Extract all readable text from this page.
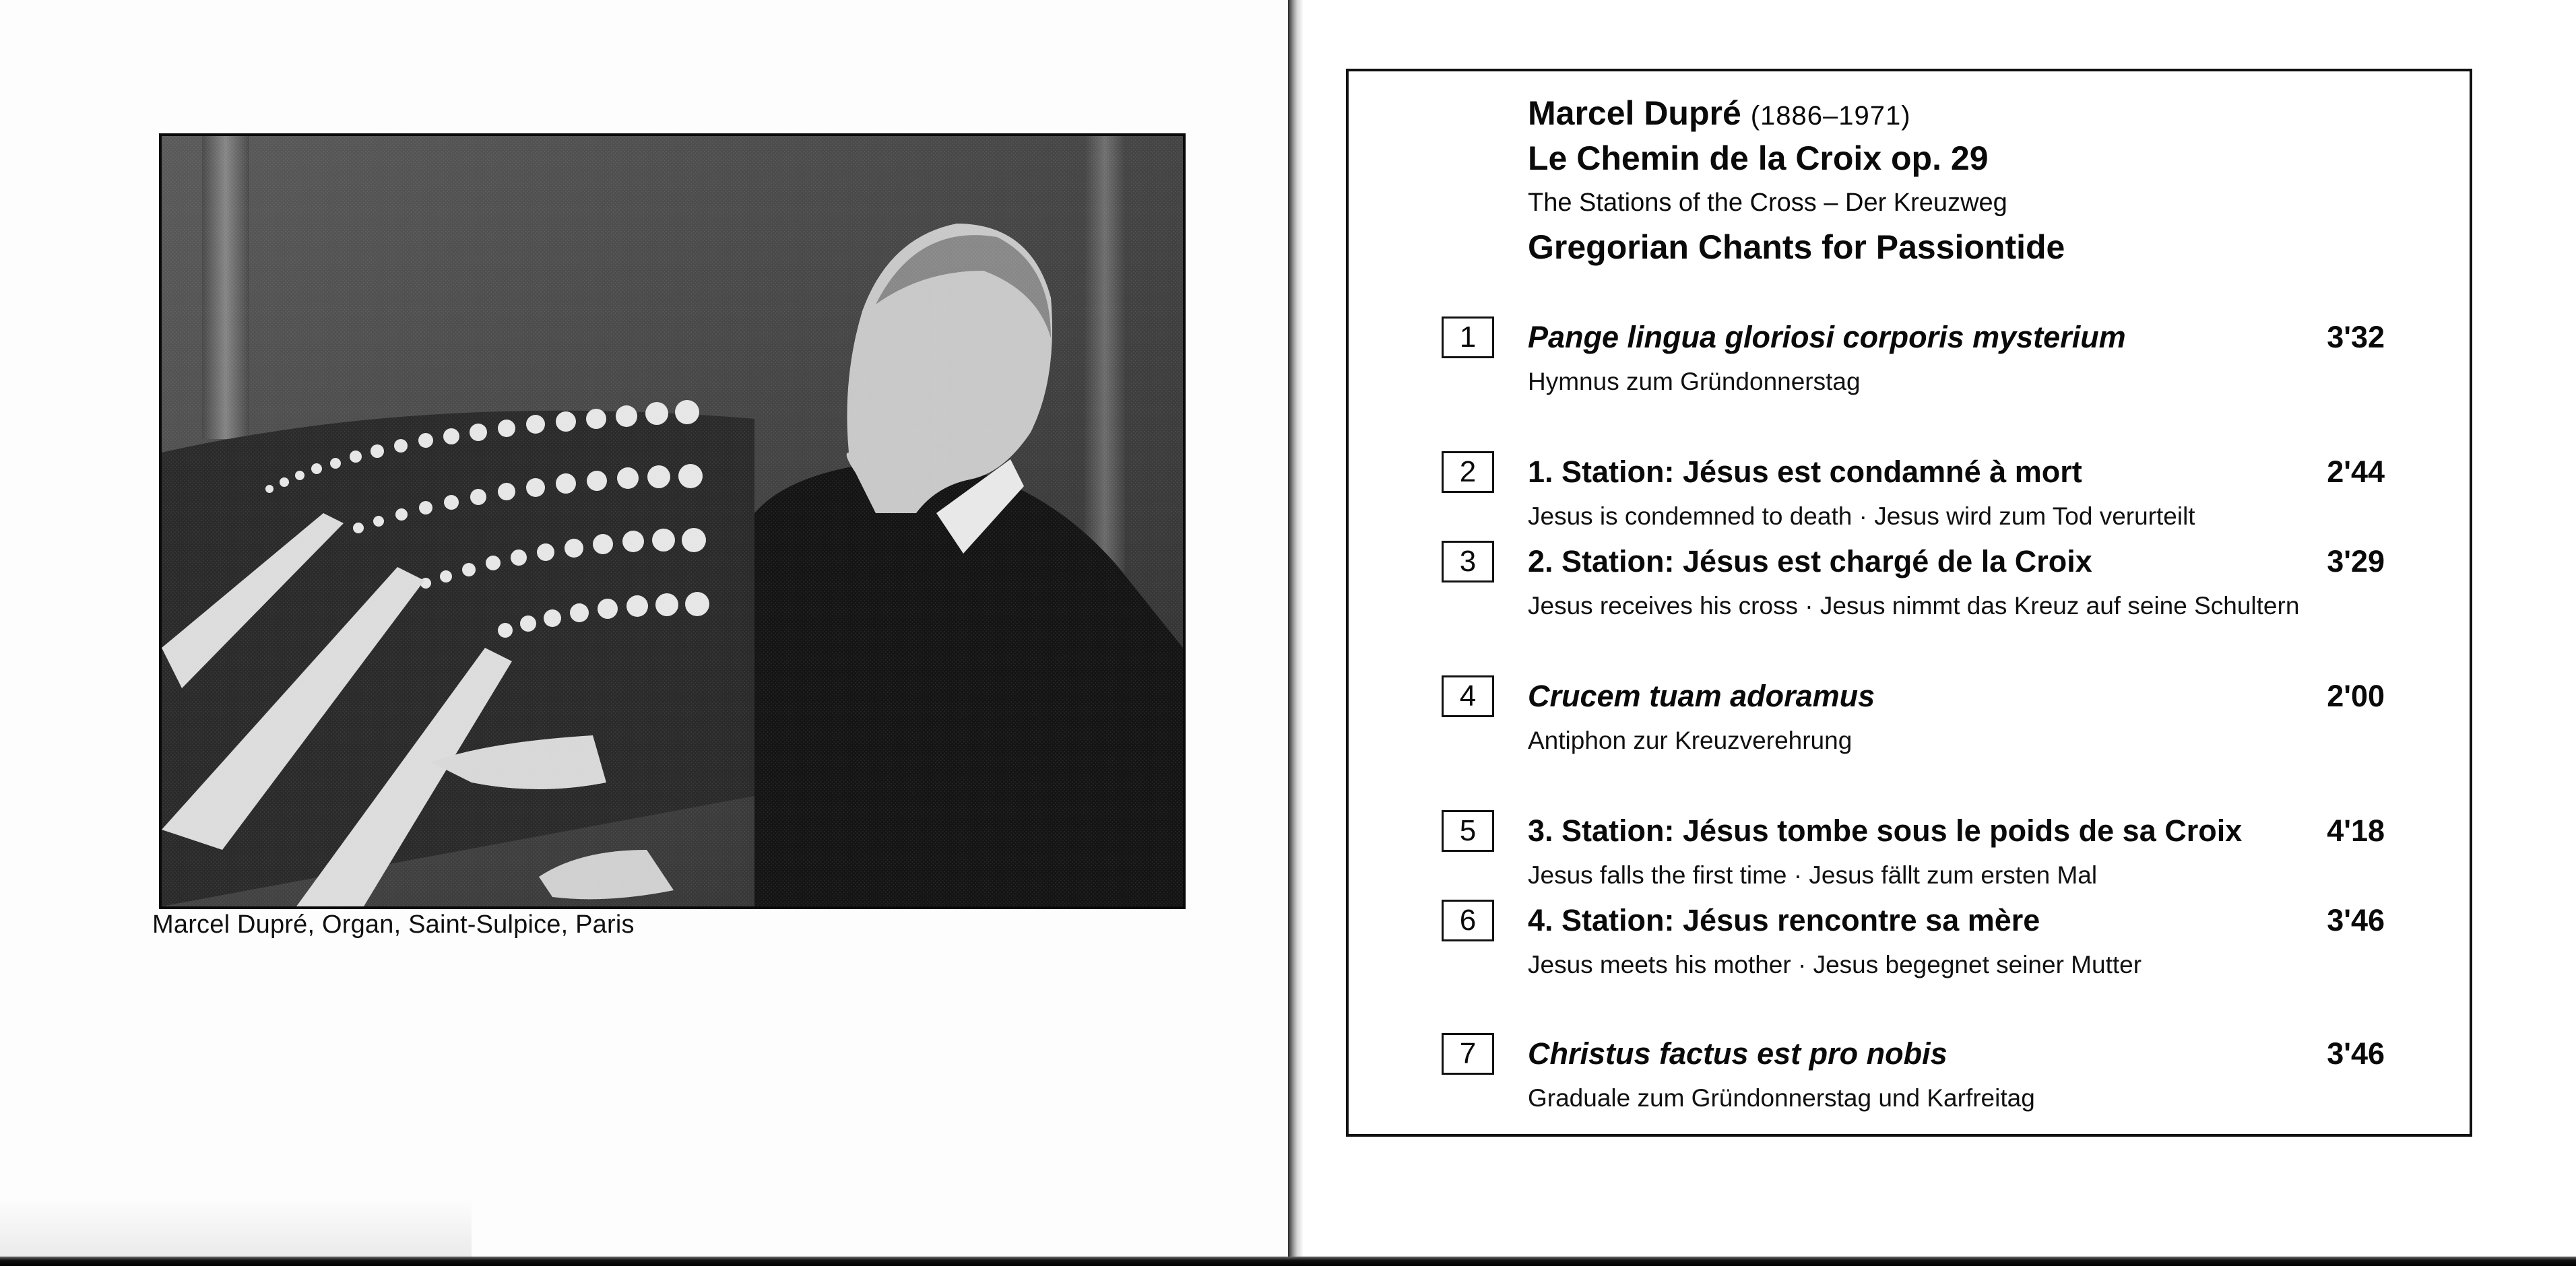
Marcel Dupré, Organ, Saint-Sulpice, Paris
Marcel Dupré (1886–1971)
Le Chemin de la Croix op. 29
The Stations of the Cross – Der Kreuzweg
Gregorian Chants for Passiontide
1	Pange lingua gloriosi corporis mysterium	3'32
Hymnus zum Gründonnerstag
2	1. Station: Jésus est condamné à mort	2'44
Jesus is condemned to death · Jesus wird zum Tod verurteilt
3	2. Station: Jésus est chargé de la Croix	3'29
Jesus receives his cross · Jesus nimmt das Kreuz auf seine Schultern
4	Crucem tuam adoramus	2'00
Antiphon zur Kreuzverehrung
5	3. Station: Jésus tombe sous le poids de sa Croix	4'18
Jesus falls the first time · Jesus fällt zum ersten Mal
6	4. Station: Jésus rencontre sa mère	3'46
Jesus meets his mother · Jesus begegnet seiner Mutter
7	Christus factus est pro nobis	3'46
Graduale zum Gründonnerstag und Karfreitag
